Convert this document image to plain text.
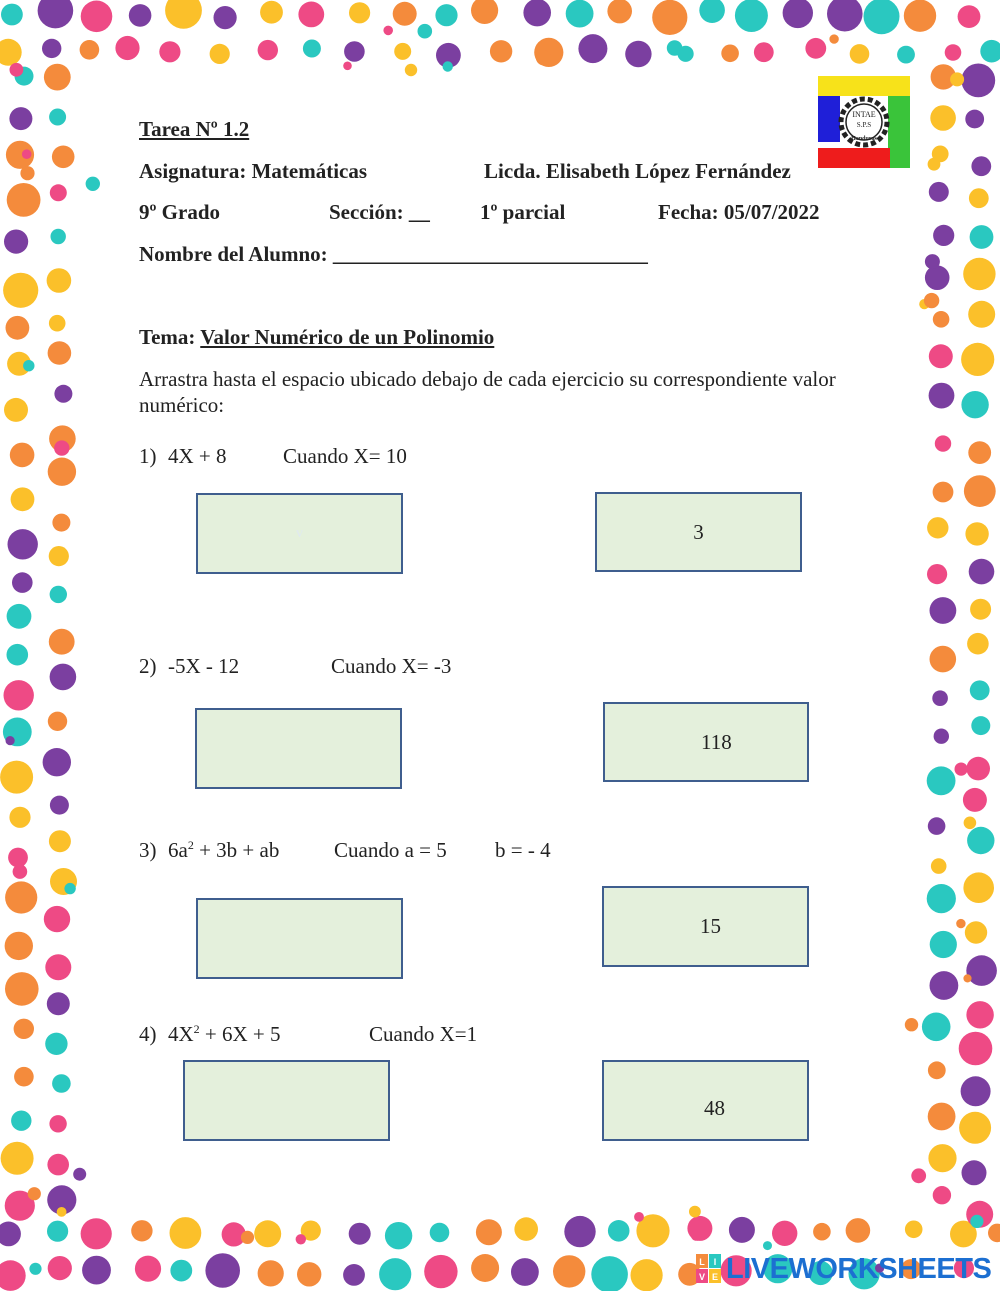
Tarea Nº 1.2
Asignatura: Matemáticas	Licda. Elisabeth López Fernández
9º Grado	Sección: __ 1º parcial	Fecha: 05/07/2022
Nombre del Alumno: ______________________________
INTAE
S.P.S
Honduras
Tema: Valor Numérico de un Polinomio
Arrastra hasta el espacio ubicado debajo de cada ejercicio su correspondiente valor numérico:
1) 4X + 8	Cuando X= 10
v	3
2) -5X - 12	Cuando X= -3
118
3) $6a^2 + 3b$ + ab	Cuando a = 5 b = - 4
15
4) $4X^2 + 6X + 5$	Cuando X=1
48
L I
V E LIVEWORKSHEETS
